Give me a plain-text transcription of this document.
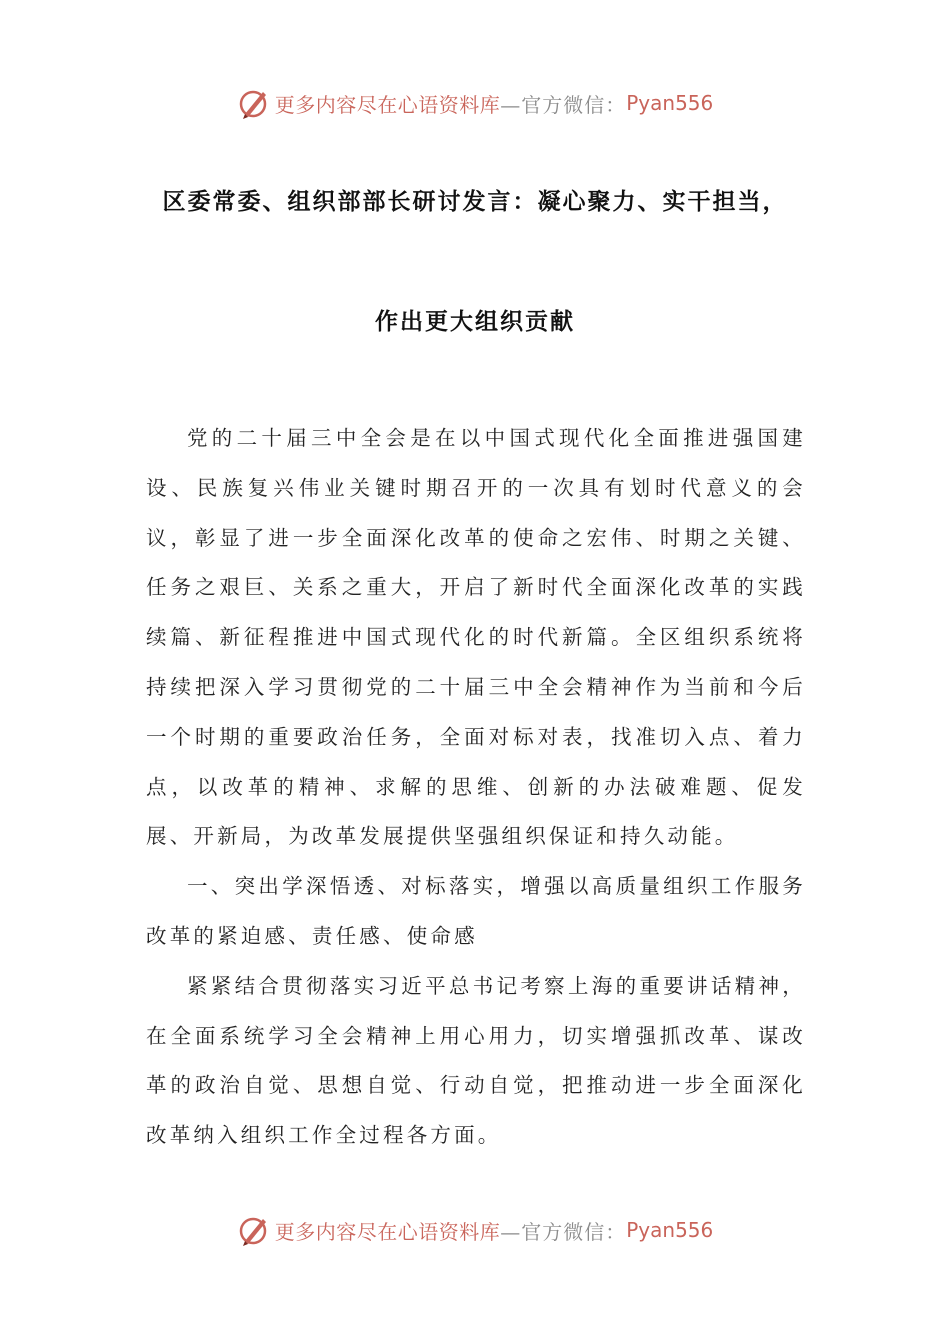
更多内容尽在心语资料库 —官方微信： Pyan556
区委常委、组织部部长研讨发言：凝心聚力、实干担当，
作出更大组织贡献

党的二十届三中全会是在以中国式现代化全面推进强国建设、民族复兴伟业关键时期召开的一次具有划时代意义的会议，彰显了进一步全面深化改革的使命之宏伟、时期之关键、任务之艰巨、关系之重大，开启了新时代全面深化改革的实践续篇、新征程推进中国式现代化的时代新篇。全区组织系统将持续把深入学习贯彻党的二十届三中全会精神作为当前和今后一个时期的重要政治任务，全面对标对表，找准切入点、着力点，以改革的精神、求解的思维、创新的办法破难题、促发展、开新局，为改革发展提供坚强组织保证和持久动能。

一、突出学深悟透、对标落实，增强以高质量组织工作服务改革的紧迫感、责任感、使命感

紧紧结合贯彻落实习近平总书记考察上海的重要讲话精神，在全面系统学习全会精神上用心用力，切实增强抓改革、谋改革的政治自觉、思想自觉、行动自觉，把推动进一步全面深化改革纳入组织工作全过程各方面。

更多内容尽在心语资料库 —官方微信： Pyan556
